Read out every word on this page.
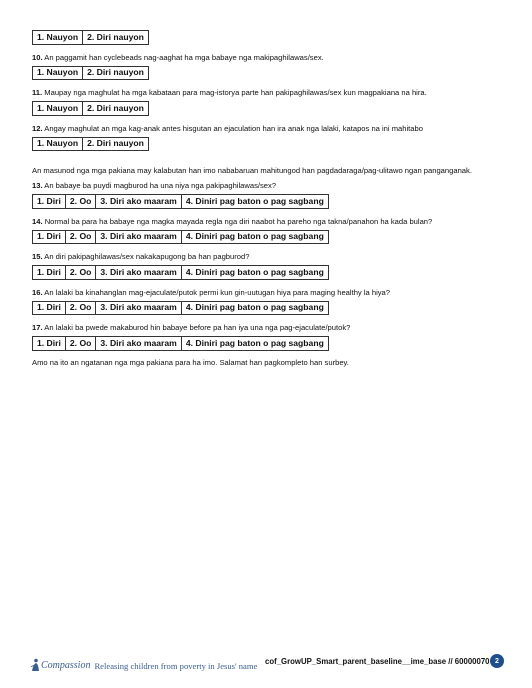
1. Nauyon	2. Diri nauyon
10. An paggamit han cyclebeads nag-aaghat ha mga babaye nga makipaghilawas/sex.
1. Nauyon	2. Diri nauyon
11. Maupay nga maghulat ha mga kabataan para mag-istorya parte han pakipaghilawas/sex kun magpakiana na hira.
1. Nauyon	2. Diri nauyon
12. Angay maghulat an mga kag-anak antes hisgutan an ejaculation han ira anak nga lalaki, katapos na ini mahitabo
1. Nauyon	2. Diri nauyon
An masunod nga mga pakiana may kalabutan han imo nababaruan mahitungod han pagdadaraga/pag-ulitawo ngan panganganak.
13. An babaye ba puydi magburod ha una niya nga pakipaghilawas/sex?
1. Diri	2. Oo	3. Diri ako maaram	4. Diniri pag baton o pag sagbang
14. Normal ba para ha babaye nga magka mayada regla nga diri naabot ha pareho nga takna/panahon ha kada bulan?
1. Diri	2. Oo	3. Diri ako maaram	4. Diniri pag baton o pag sagbang
15. An diri pakipaghilawas/sex nakakapugong ba han pagburod?
1. Diri	2. Oo	3. Diri ako maaram	4. Diniri pag baton o pag sagbang
16. An lalaki ba kinahanglan mag-ejaculate/putok permi kun gin-uutugan hiya para maging healthy la hiya?
1. Diri	2. Oo	3. Diri ako maaram	4. Diniri pag baton o pag sagbang
17. An lalaki ba pwede makaburod hin babaye before pa han iya una nga pag-ejaculate/putok?
1. Diri	2. Oo	3. Diri ako maaram	4. Diniri pag baton o pag sagbang
Amo na ito an ngatanan nga mga pakiana para ha imo. Salamat han pagkompleto han surbey.
Compassion Releasing children from poverty in Jesus' name cof_GrowUP_Smart_parent_baseline__ime_base // 60000070 2
